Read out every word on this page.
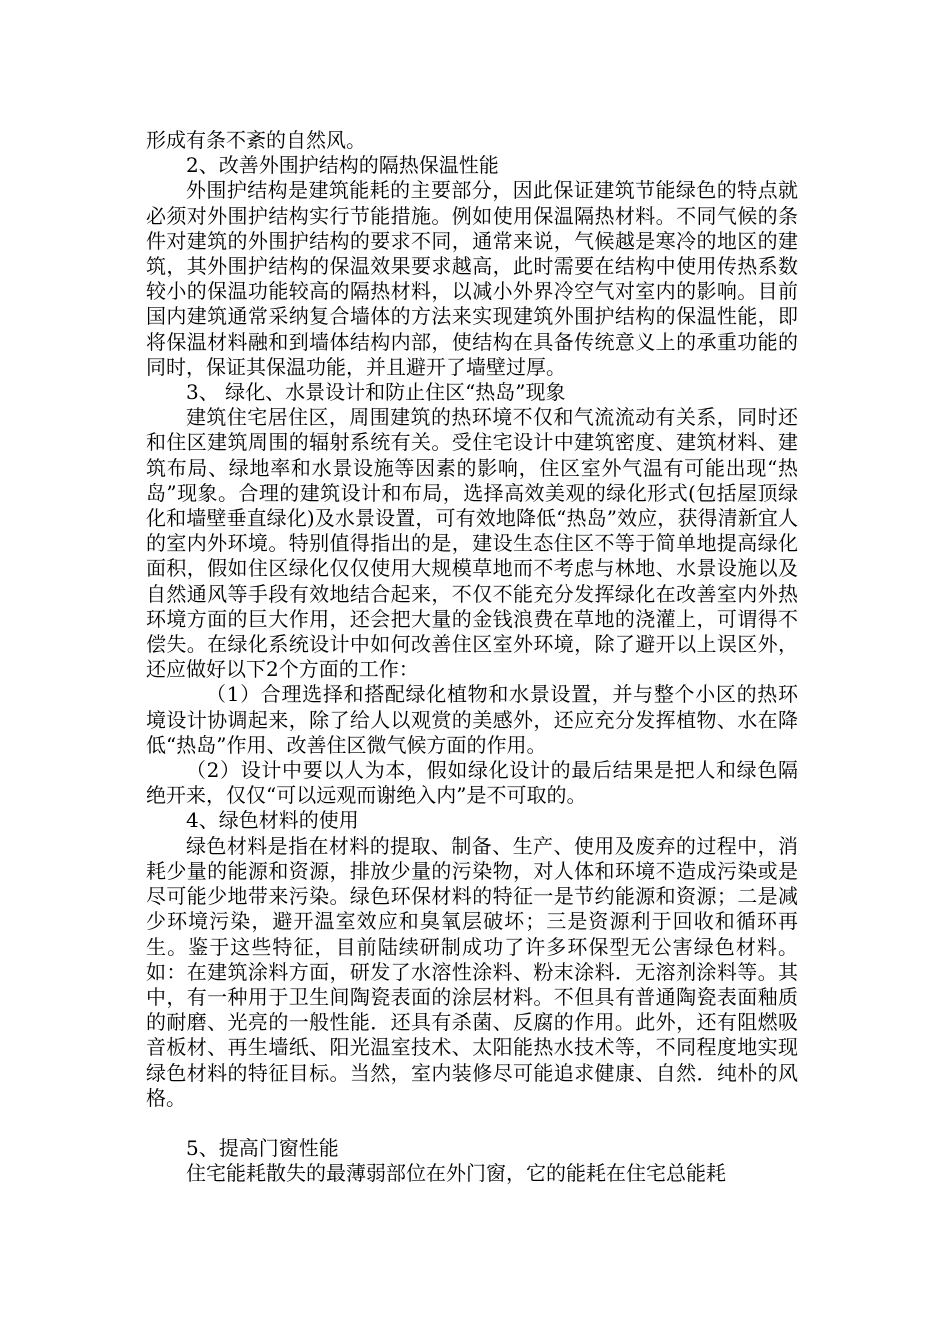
形成有条不紊的自然风。

2、改善外围护结构的隔热保温性能

外围护结构是建筑能耗的主要部分，因此保证建筑节能绿色的特点就必须对外围护结构实行节能措施。例如使用保温隔热材料。不同气候的条件对建筑的外围护结构的要求不同，通常来说，气候越是寒冷的地区的建筑，其外围护结构的保温效果要求越高，此时需要在结构中使用传热系数较小的保温功能较高的隔热材料，以减小外界冷空气对室内的影响。目前国内建筑通常采纳复合墙体的方法来实现建筑外围护结构的保温性能，即将保温材料融和到墙体结构内部，使结构在具备传统意义上的承重功能的同时，保证其保温功能，并且避开了墙壁过厚。

3、 绿化、水景设计和防止住区“热岛”现象

建筑住宅居住区，周围建筑的热环境不仅和气流流动有关系，同时还和住区建筑周围的辐射系统有关。受住宅设计中建筑密度、建筑材料、建筑布局、绿地率和水景设施等因素的影响，住区室外气温有可能出现“热岛”现象。合理的建筑设计和布局，选择高效美观的绿化形式(包括屋顶绿化和墙壁垂直绿化)及水景设置，可有效地降低“热岛”效应，获得清新宜人的室内外环境。特别值得指出的是，建设生态住区不等于简单地提高绿化面积，假如住区绿化仅仅使用大规模草地而不考虑与林地、水景设施以及自然通风等手段有效地结合起来，不仅不能充分发挥绿化在改善室内外热环境方面的巨大作用，还会把大量的金钱浪费在草地的浇灌上，可谓得不偿失。在绿化系统设计中如何改善住区室外环境，除了避开以上误区外，还应做好以下2个方面的工作：

（1）合理选择和搭配绿化植物和水景设置，并与整个小区的热环境设计协调起来，除了给人以观赏的美感外，还应充分发挥植物、水在降低“热岛”作用、改善住区微气候方面的作用。

（2）设计中要以人为本，假如绿化设计的最后结果是把人和绿色隔绝开来，仅仅“可以远观而谢绝入内”是不可取的。

4、绿色材料的使用

绿色材料是指在材料的提取、制备、生产、使用及废弃的过程中，消耗少量的能源和资源，排放少量的污染物，对人体和环境不造成污染或是尽可能少地带来污染。绿色环保材料的特征一是节约能源和资源；二是减少环境污染，避开温室效应和臭氧层破坏；三是资源利于回收和循环再生。鉴于这些特征，目前陆续研制成功了许多环保型无公害绿色材料。如：在建筑涂料方面，研发了水溶性涂料、粉末涂料．无溶剂涂料等。其中，有一种用于卫生间陶瓷表面的涂层材料。不但具有普通陶瓷表面釉质的耐磨、光亮的一般性能．还具有杀菌、反腐的作用。此外，还有阻燃吸音板材、再生墙纸、阳光温室技术、太阳能热水技术等，不同程度地实现绿色材料的特征目标。当然，室内装修尽可能追求健康、自然．纯朴的风格。

5、提高门窗性能

住宅能耗散失的最薄弱部位在外门窗，它的能耗在住宅总能耗
